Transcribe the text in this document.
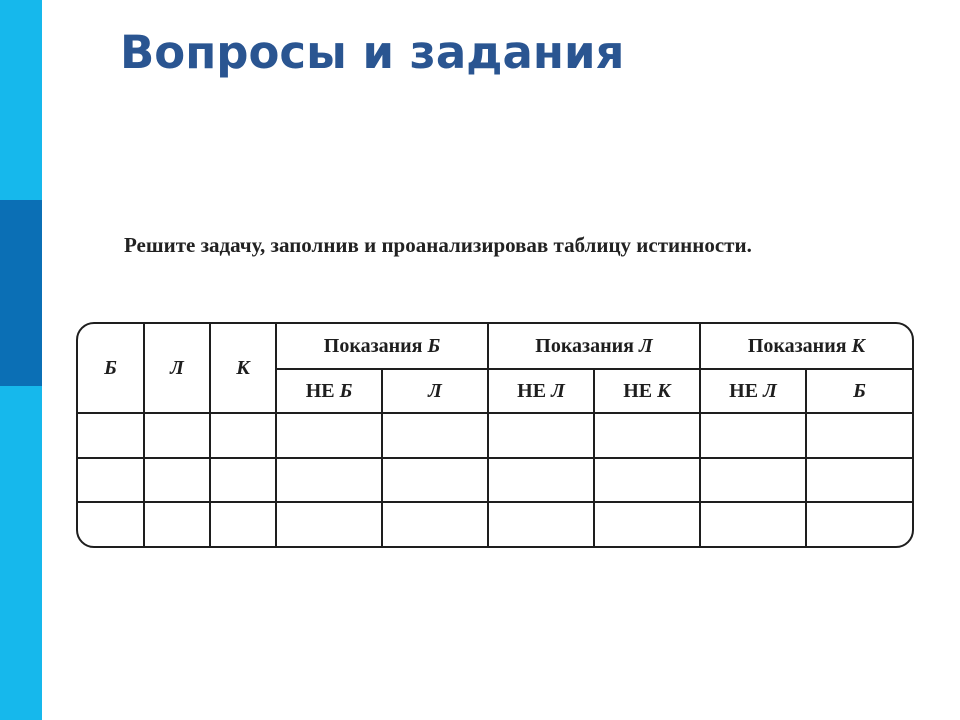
Вопросы и задания
Решите задачу, заполнив и проанализировав таблицу истинности.
Б	Л	К	Показания Б		Показания Л		Показания К	
			НЕ Б	Л	НЕ Л	НЕ К	НЕ Л	Б
